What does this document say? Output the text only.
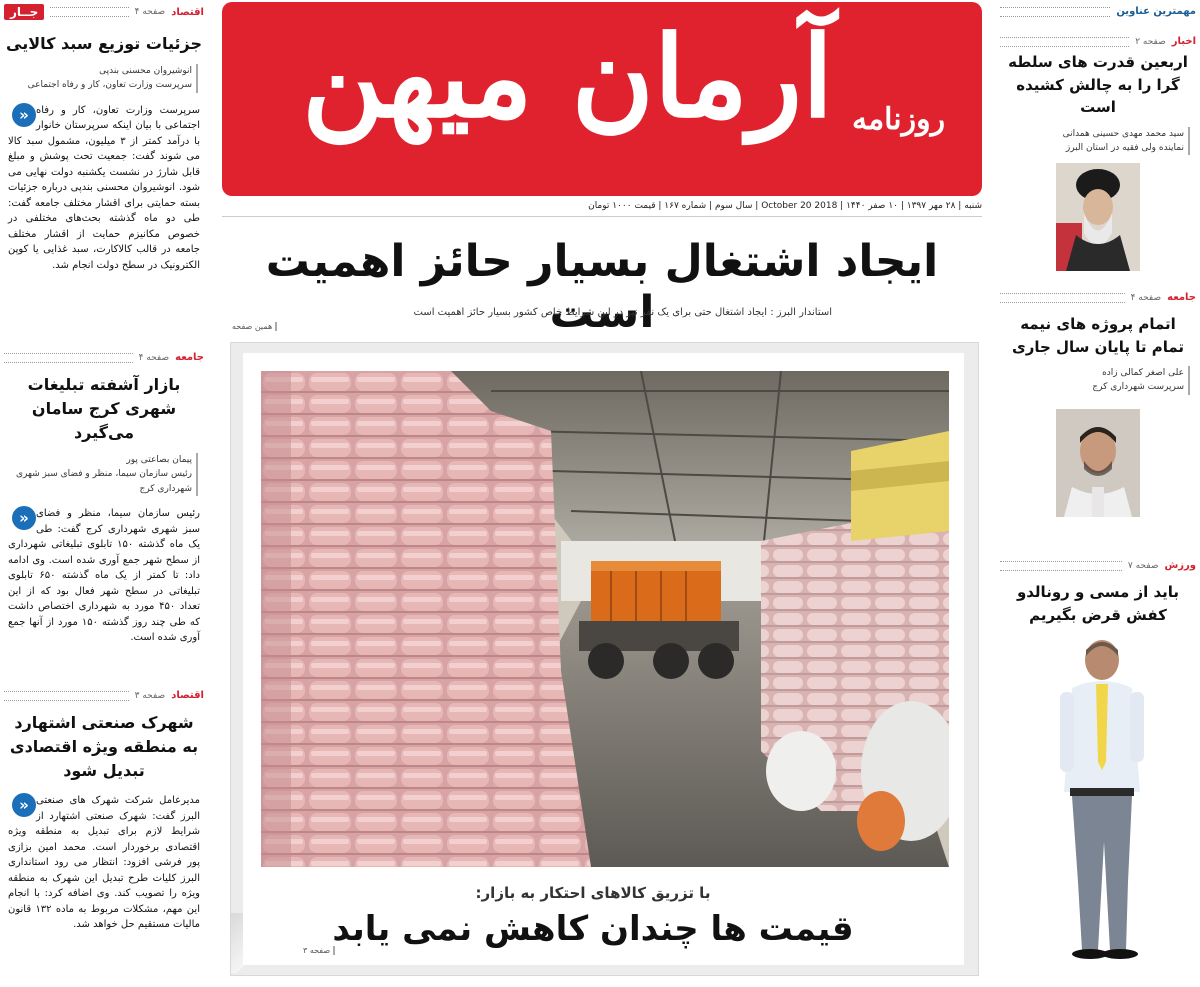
اقتصاد
صفحه ۴
جــار
جزئیات توزیع سبد کالایی
انوشیروان محسنی بندپی
سرپرست وزارت تعاون، کار و رفاه اجتماعی
« سرپرست وزارت تعاون، کار و رفاه اجتماعی با بیان اینکه سرپرستان خانوار با درآمد کمتر از ۳ میلیون، مشمول سبد کالا می شوند گفت: جمعیت تحت پوشش و مبلغ قابل شارژ در نشست یکشنبه دولت نهایی می شود. انوشیروان محسنی بندپی درباره جزئیات بسته حمایتی برای اقشار مختلف جامعه گفت: طی دو ماه گذشته بحث‌های مختلفی در خصوص مکانیزم حمایت از اقشار مختلف جامعه در قالب کالاکارت، سبد غذایی یا کوپن الکترونیک در سطح دولت انجام شد.
جامعه
صفحه ۴
بازار آشفته تبلیغات شهری کرج سامان می‌گیرد
پیمان بصاعتی پور
رئیس سازمان سیما، منظر و فضای سبز شهری شهرداری کرج
« رئیس سازمان سیما، منظر و فضای سبز شهری شهرداری کرج گفت: طی یک ماه گذشته ۱۵۰ تابلوی تبلیغاتی شهرداری از سطح شهر جمع آوری شده است. وی ادامه داد: تا کمتر از یک ماه گذشته ۶۵۰ تابلوی تبلیغاتی در سطح شهر فعال بود که از این تعداد ۴۵۰ مورد به شهرداری اختصاص داشت که طی چند روز گذشته ۱۵۰ مورد از آنها جمع آوری شده است.
اقتصاد
صفحه ۳
شهرک صنعتی اشتهارد به منطقه ویژه اقتصادی تبدیل شود
« مدیرعامل شرکت شهرک های صنعتی البرز گفت: شهرک صنعتی اشتهارد از شرایط لازم برای تبدیل به منطقه ویژه اقتصادی برخوردار است. محمد امین بزازی پور فرشی افزود: انتظار می رود استانداری البرز کلیات طرح تبدیل این شهرک به منطقه ویژه را تصویب کند. وی اضافه کرد: با انجام این مهم، مشکلات مربوط به ماده ۱۳۲ قانون مالیات مستقیم حل خواهد شد.
آرمان میهن روزنامه
شنبه | ۲۸ مهر ۱۳۹۷ | ۱۰ صفر ۱۴۴۰ | 2018 October 20 | سال سوم | شماره ۱۶۷ | قیمت ۱۰۰۰ تومان
ایجاد اشتغال بسیار حائز اهمیت است
استاندار البرز : ایجاد اشتغال حتی برای یک نفر نیز در این شرایط خاص کشور بسیار حائز اهمیت است
همین صفحه
با تزریق کالاهای احتکار به بازار:
قیمت ها چندان کاهش نمی یابد
صفحه ۳
مهمترین عناوین
اخبار
صفحه ۲
اربعین قدرت های سلطه گرا را به چالش کشیده است
سید محمد مهدی حسینی همدانی
نماینده ولی فقیه در استان البرز
جامعه
صفحه ۴
اتمام پروژه های نیمه تمام تا پایان سال جاری
علی اصغر کمالی زاده
سرپرست شهرداری کرج
ورزش
صفحه ۷
باید از مسی و رونالدو کفش قرض بگیریم
